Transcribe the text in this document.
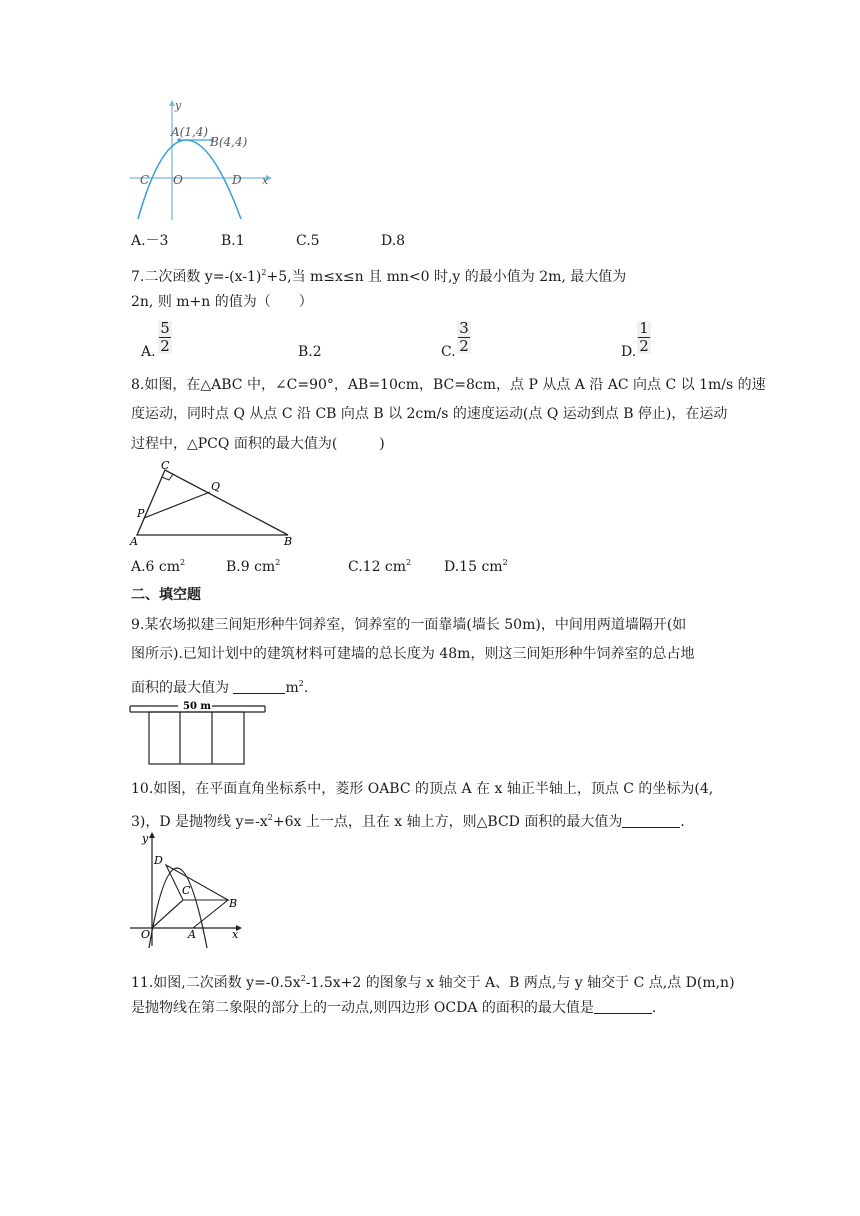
y
A(1,4)
B(4,4)
C O	D x
A.－3	B.1	C.5	D.8
7.二次函数 $y=-(x-1)^2+5$,当 m≤x≤n 且 mn<0 时,y 的最小值为 2m, 最大值为
2n, 则 m+n 的值为（　　）
A.
5
2	B.2	C.
3
2	D.
1
2
8.如图，在△ABC 中，∠C=90°，AB=10cm，BC=8cm，点 P 从点 A 沿 AC 向点 C 以 1m/s 的速
度运动，同时点 Q 从点 C 沿 CB 向点 B 以 2cm/s 的速度运动(点 Q 运动到点 B 停止)，在运动
过程中，△PCQ 面积的最大值为(　　　)
C
Q
P
A	B
A.6 $cm^2$	B.9 $cm^2$	C.12 $cm^2$ D.15 $cm^2$
二、填空题
9.某农场拟建三间矩形种牛饲养室，饲养室的一面靠墙(墙长 50m)，中间用两道墙隔开(如
图所示).已知计划中的建筑材料可建墙的总长度为 48m，则这三间矩形种牛饲养室的总占地
面积的最大值为	$m^2$.
50 m
10.如图，在平面直角坐标系中，菱形 OABC 的顶点 A 在 x 轴正半轴上，顶点 C 的坐标为(4,
3)，D 是抛物线 $y=-x^2+6x$ 上一点，且在 x 轴上方，则△BCD 面积的最大值为	.
y
D
C
B
O	A	x
11.如图,二次函数 $y=-0.5x^2-1.5x+2$ 的图象与 x 轴交于 A、B 两点,与 y 轴交于 C 点,点 D(m,n)
是抛物线在第二象限的部分上的一动点,则四边形 OCDA 的面积的最大值是	.
